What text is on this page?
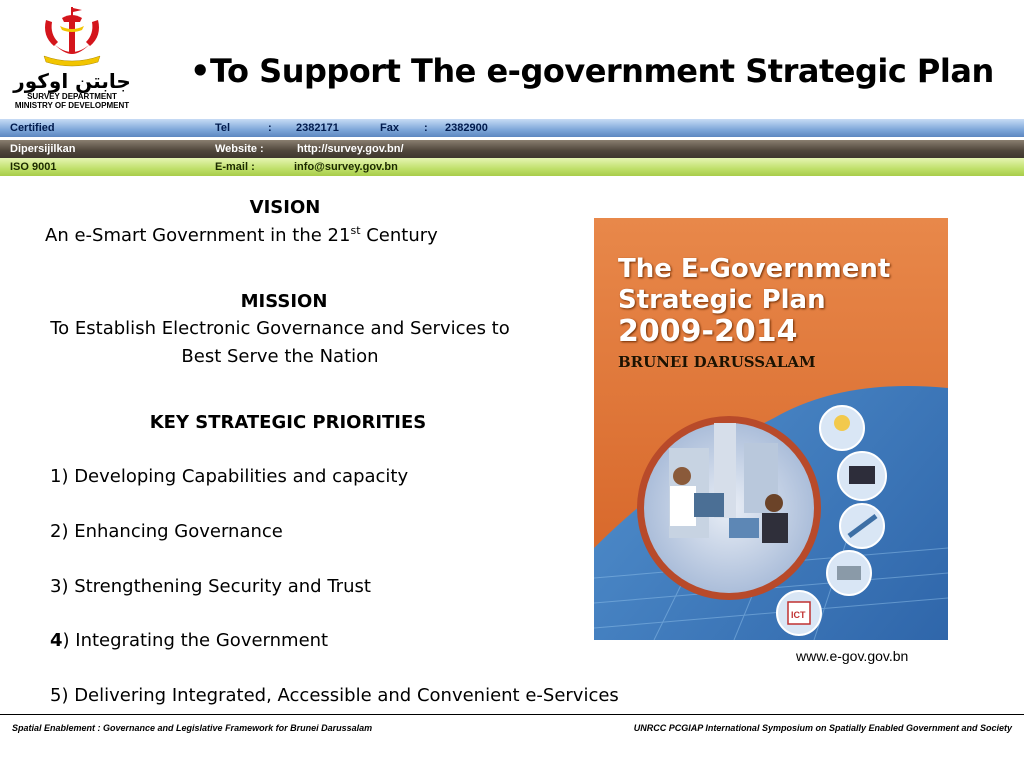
جابتن اوكور
SURVEY DEPARTMENT
MINISTRY OF DEVELOPMENT
•To Support The e-government Strategic Plan
Certified	Tel	: 2382171	Fax : 2382900
Dipersijilkan	Website :	http://survey.gov.bn/
ISO 9001	E-mail :	info@survey.gov.bn
VISION
An e-Smart Government in the 21st Century
MISSION
To Establish Electronic Governance and Services to
Best Serve the Nation
KEY STRATEGIC PRIORITIES
1) Developing Capabilities and capacity
2) Enhancing Governance
3) Strengthening Security and Trust
4) Integrating the Government
5) Delivering Integrated, Accessible and Convenient e-Services
The E-Government
Strategic Plan
2009-2014
BRUNEI DARUSSALAM
ICT
www.e-gov.gov.bn
Spatial Enablement : Governance and Legislative Framework for Brunei Darussalam	UNRCC PCGIAP International Symposium on Spatially Enabled Government and Society
